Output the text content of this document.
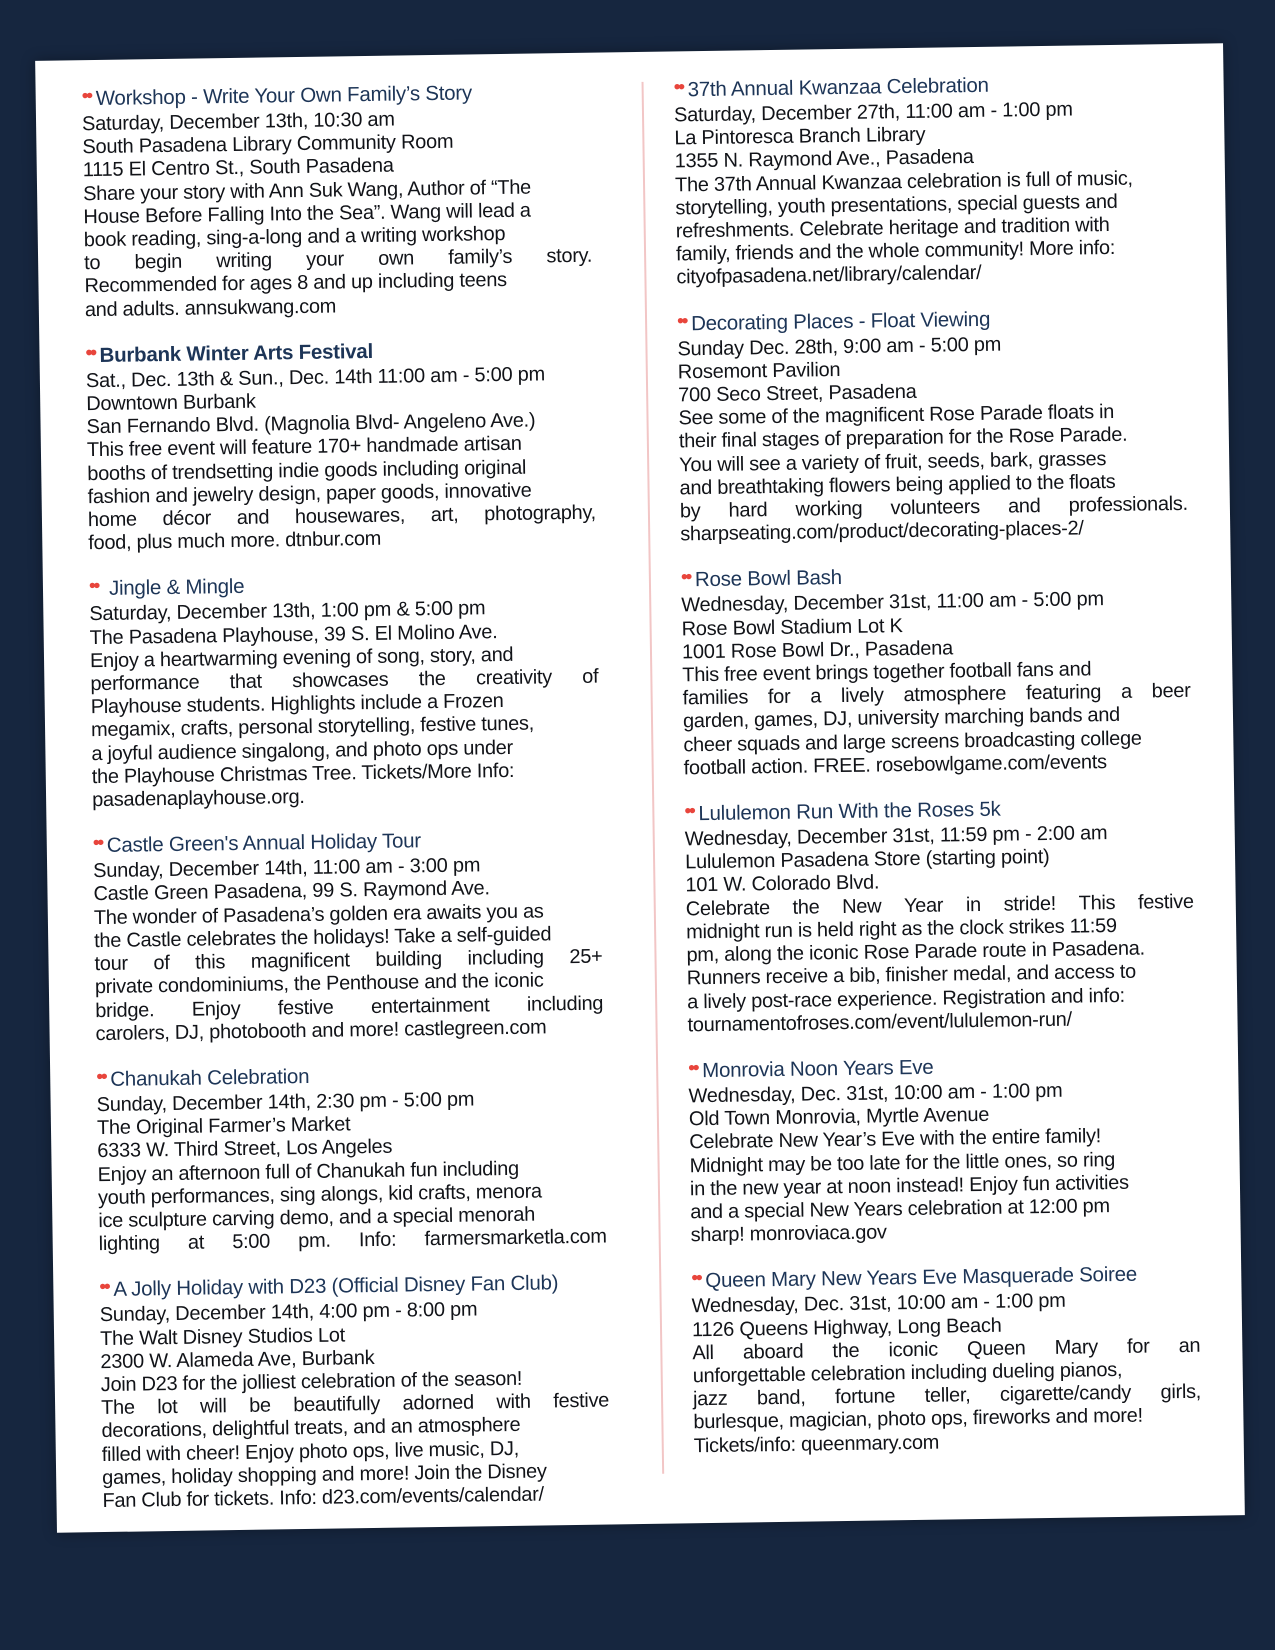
•• Workshop - Write Your Own Family’s Story
Saturday, December 13th, 10:30 am
South Pasadena Library Community Room
1115 El Centro St., South Pasadena
Share your story with Ann Suk Wang, Author of “The
House Before Falling Into the Sea”. Wang will lead a
book reading, sing-a-long and a writing workshop
to begin writing your own family’s story.
Recommended for ages 8 and up including teens
and adults. annsukwang.com
•• Burbank Winter Arts Festival
Sat., Dec. 13th & Sun., Dec. 14th 11:00 am - 5:00 pm
Downtown Burbank
San Fernando Blvd. (Magnolia Blvd- Angeleno Ave.)
This free event will feature 170+ handmade artisan
booths of trendsetting indie goods including original
fashion and jewelry design, paper goods, innovative
home décor and housewares, art, photography,
food, plus much more. dtnbur.com
•• Jingle & Mingle
Saturday, December 13th, 1:00 pm & 5:00 pm
The Pasadena Playhouse, 39 S. El Molino Ave.
Enjoy a heartwarming evening of song, story, and
performance that showcases the creativity of
Playhouse students. Highlights include a Frozen
megamix, crafts, personal storytelling, festive tunes,
a joyful audience singalong, and photo ops under
the Playhouse Christmas Tree. Tickets/More Info:
pasadenaplayhouse.org.
•• Castle Green's Annual Holiday Tour
Sunday, December 14th, 11:00 am - 3:00 pm
Castle Green Pasadena, 99 S. Raymond Ave.
The wonder of Pasadena’s golden era awaits you as
the Castle celebrates the holidays! Take a self-guided
tour of this magnificent building including 25+
private condominiums, the Penthouse and the iconic
bridge. Enjoy festive entertainment including
carolers, DJ, photobooth and more! castlegreen.com
•• Chanukah Celebration
Sunday, December 14th, 2:30 pm - 5:00 pm
The Original Farmer’s Market
6333 W. Third Street, Los Angeles
Enjoy an afternoon full of Chanukah fun including
youth performances, sing alongs, kid crafts, menora
ice sculpture carving demo, and a special menorah
lighting at 5:00 pm. Info: farmersmarketla.com
•• A Jolly Holiday with D23 (Official Disney Fan Club)
Sunday, December 14th, 4:00 pm - 8:00 pm
The Walt Disney Studios Lot
2300 W. Alameda Ave, Burbank
Join D23 for the jolliest celebration of the season!
The lot will be beautifully adorned with festive
decorations, delightful treats, and an atmosphere
filled with cheer! Enjoy photo ops, live music, DJ,
games, holiday shopping and more! Join the Disney
Fan Club for tickets. Info: d23.com/events/calendar/
•• 37th Annual Kwanzaa Celebration
Saturday, December 27th, 11:00 am - 1:00 pm
La Pintoresca Branch Library
1355 N. Raymond Ave., Pasadena
The 37th Annual Kwanzaa celebration is full of music,
storytelling, youth presentations, special guests and
refreshments. Celebrate heritage and tradition with
family, friends and the whole community! More info:
cityofpasadena.net/library/calendar/
•• Decorating Places - Float Viewing
Sunday Dec. 28th, 9:00 am - 5:00 pm
Rosemont Pavilion
700 Seco Street, Pasadena
See some of the magnificent Rose Parade floats in
their final stages of preparation for the Rose Parade.
You will see a variety of fruit, seeds, bark, grasses
and breathtaking flowers being applied to the floats
by hard working volunteers and professionals.
sharpseating.com/product/decorating-places-2/
•• Rose Bowl Bash
Wednesday, December 31st, 11:00 am - 5:00 pm
Rose Bowl Stadium Lot K
1001 Rose Bowl Dr., Pasadena
This free event brings together football fans and
families for a lively atmosphere featuring a beer
garden, games, DJ, university marching bands and
cheer squads and large screens broadcasting college
football action. FREE. rosebowlgame.com/events
•• Lululemon Run With the Roses 5k
Wednesday, December 31st, 11:59 pm - 2:00 am
Lululemon Pasadena Store (starting point)
101 W. Colorado Blvd.
Celebrate the New Year in stride! This festive
midnight run is held right as the clock strikes 11:59
pm, along the iconic Rose Parade route in Pasadena.
Runners receive a bib, finisher medal, and access to
a lively post-race experience. Registration and info:
tournamentofroses.com/event/lululemon-run/
•• Monrovia Noon Years Eve
Wednesday, Dec. 31st, 10:00 am - 1:00 pm
Old Town Monrovia, Myrtle Avenue
Celebrate New Year’s Eve with the entire family!
Midnight may be too late for the little ones, so ring
in the new year at noon instead! Enjoy fun activities
and a special New Years celebration at 12:00 pm
sharp! monroviaca.gov
•• Queen Mary New Years Eve Masquerade Soiree
Wednesday, Dec. 31st, 10:00 am - 1:00 pm
1126 Queens Highway, Long Beach
All aboard the iconic Queen Mary for an
unforgettable celebration including dueling pianos,
jazz band, fortune teller, cigarette/candy girls,
burlesque, magician, photo ops, fireworks and more!
Tickets/info: queenmary.com
